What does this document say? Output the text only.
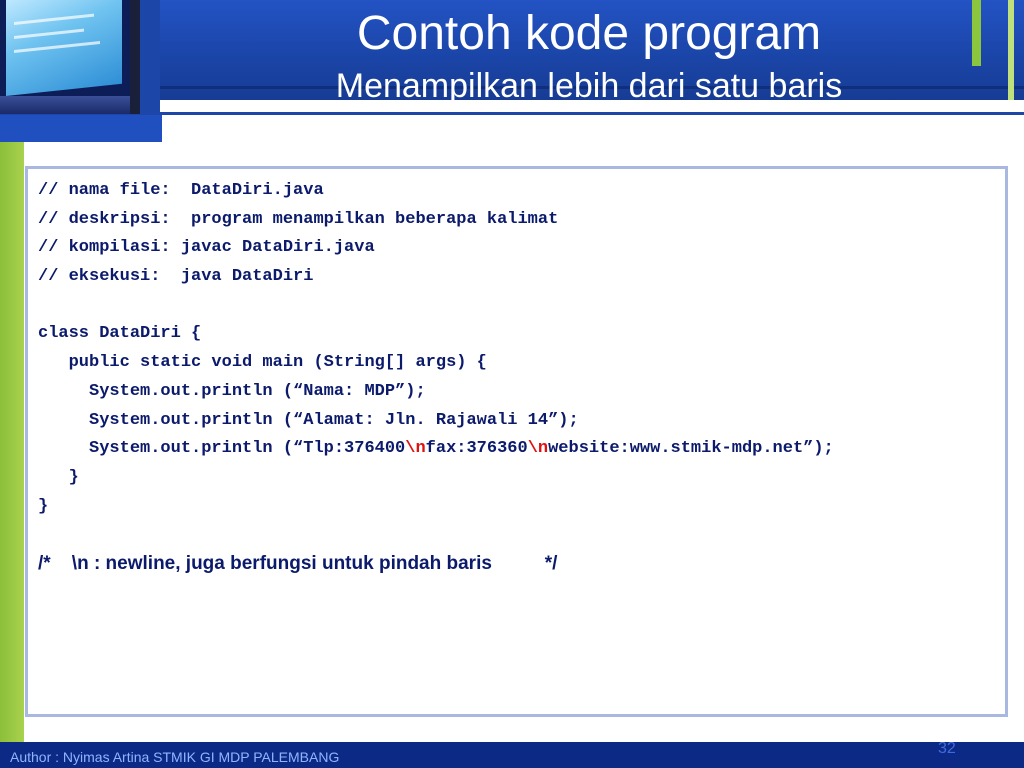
Contoh kode program
Menampilkan lebih dari satu baris
// nama file:  DataDiri.java
// deskripsi:  program menampilkan beberapa kalimat
// kompilasi: javac DataDiri.java
// eksekusi:  java DataDiri
class DataDiri {
public static void main (String[] args) {
System.out.println (“Nama: MDP”);
System.out.println (“Alamat: Jln. Rajawali 14”);
System.out.println (“Tlp:376400\nfax:376360\nwebsite:www.stmik-mdp.net”);
}
}
/*    \n : newline, juga berfungsi untuk pindah baris          */
Author : Nyimas Artina STMIK GI MDP PALEMBANG	32
